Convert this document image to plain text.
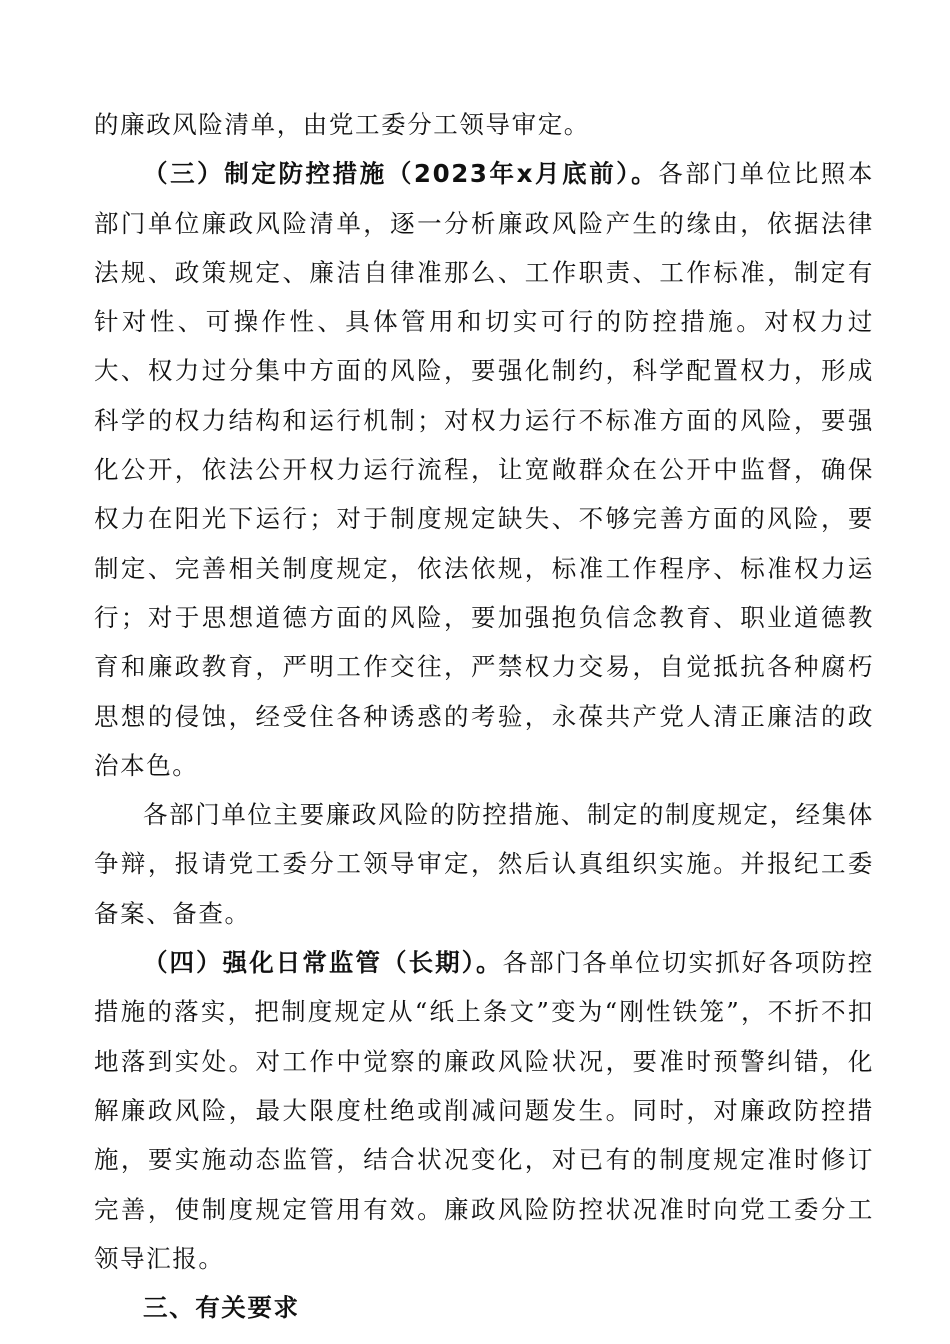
的廉政风险清单，由党工委分工领导审定。

（三）制定防控措施（2023年x月底前）。各部门单位比照本部门单位廉政风险清单，逐一分析廉政风险产生的缘由，依据法律法规、政策规定、廉洁自律准那么、工作职责、工作标准，制定有针对性、可操作性、具体管用和切实可行的防控措施。对权力过大、权力过分集中方面的风险，要强化制约，科学配置权力，形成科学的权力结构和运行机制；对权力运行不标准方面的风险，要强化公开，依法公开权力运行流程，让宽敞群众在公开中监督，确保权力在阳光下运行；对于制度规定缺失、不够完善方面的风险，要制定、完善相关制度规定，依法依规，标准工作程序、标准权力运行；对于思想道德方面的风险，要加强抱负信念教育、职业道德教育和廉政教育，严明工作交往，严禁权力交易，自觉抵抗各种腐朽思想的侵蚀，经受住各种诱惑的考验，永葆共产党人清正廉洁的政治本色。

各部门单位主要廉政风险的防控措施、制定的制度规定，经集体争辩，报请党工委分工领导审定，然后认真组织实施。并报纪工委备案、备查。

（四）强化日常监管（长期）。各部门各单位切实抓好各项防控措施的落实，把制度规定从“纸上条文”变为“刚性铁笼”，不折不扣地落到实处。对工作中觉察的廉政风险状况，要准时预警纠错，化解廉政风险，最大限度杜绝或削减问题发生。同时，对廉政防控措施，要实施动态监管，结合状况变化，对已有的制度规定准时修订完善，使制度规定管用有效。廉政风险防控状况准时向党工委分工领导汇报。

三、有关要求
